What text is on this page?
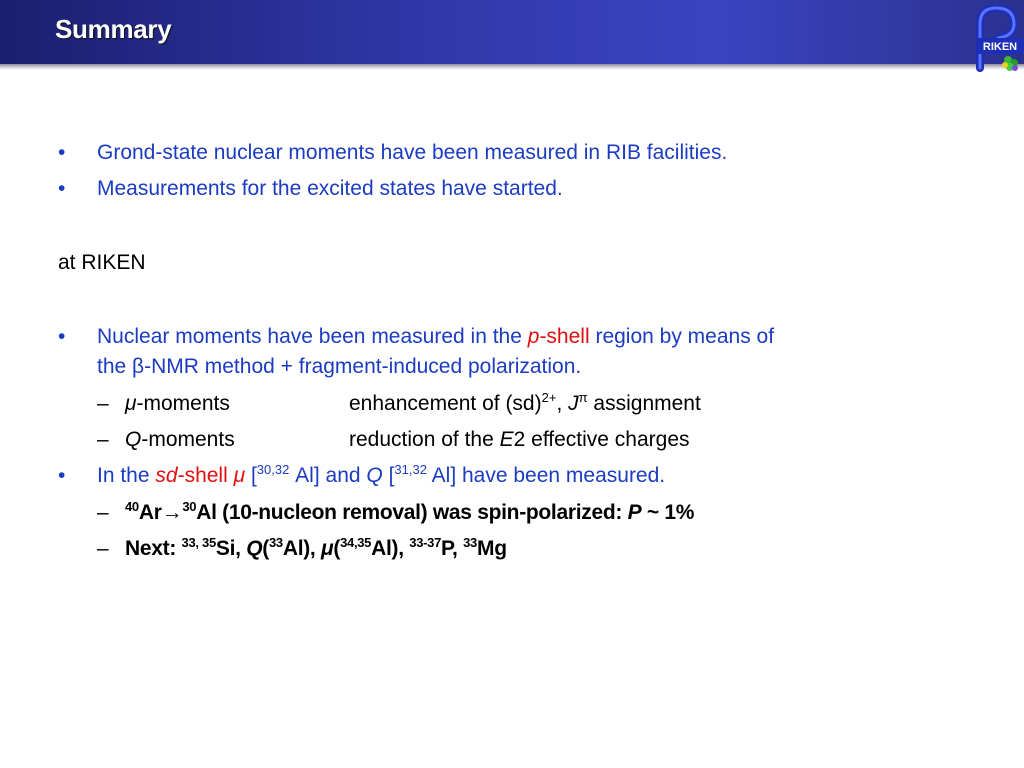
Summary
RIKEN
•	Grond-state nuclear moments have been measured in RIB facilities.
•	Measurements for the excited states have started.
at RIKEN
•	Nuclear moments have been measured in the p-shell region by means of
the β-NMR method + fragment-induced polarization.
– μ-moments	enhancement of (sd)$^{2+}$, $J^\pi$ assignment
– Q-moments	reduction of the E2 effective charges
•	In the sd-shell μ [$^{30,32}$ Al] and Q [$^{31,32}$ Al] have been measured.
–	$^{40}$Ar→$^{30}$Al (10-nucleon removal) was spin-polarized: P ~ 1%
– Next: $^{33, 35}$Si, Q($^{33}$Al), μ($^{34,35}$Al), $^{33-37}$P, $^{33}$Mg
